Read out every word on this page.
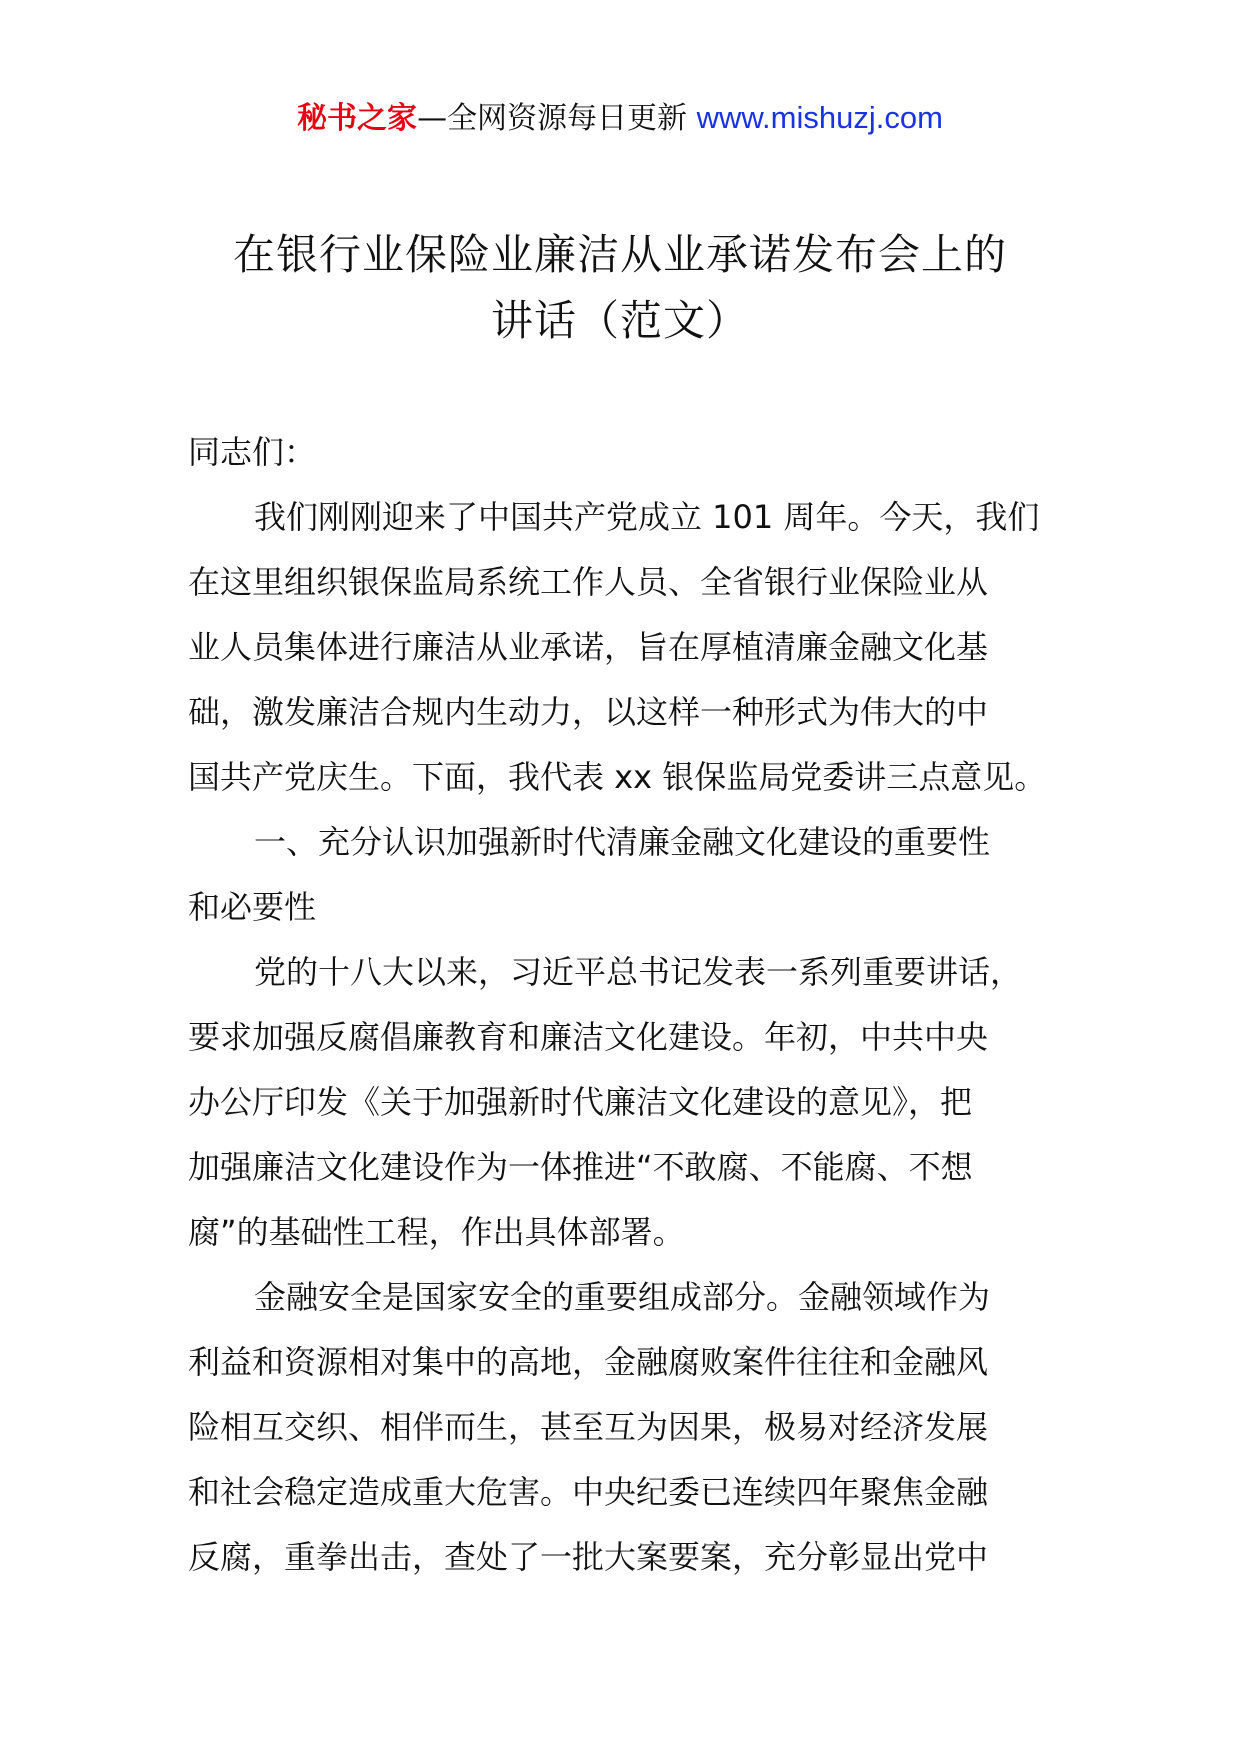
秘书之家—全网资源每日更新 www.mishuzj.com
在银行业保险业廉洁从业承诺发布会上的
讲话（范文）
同志们：
我们刚刚迎来了中国共产党成立 101 周年。今天，我们
在这里组织银保监局系统工作人员、全省银行业保险业从
业人员集体进行廉洁从业承诺，旨在厚植清廉金融文化基
础，激发廉洁合规内生动力，以这样一种形式为伟大的中
国共产党庆生。下面，我代表 xx 银保监局党委讲三点意见。
一、充分认识加强新时代清廉金融文化建设的重要性
和必要性
党的十八大以来，习近平总书记发表一系列重要讲话，
要求加强反腐倡廉教育和廉洁文化建设。年初，中共中央
办公厅印发《关于加强新时代廉洁文化建设的意见》，把
加强廉洁文化建设作为一体推进“不敢腐、不能腐、不想
腐”的基础性工程，作出具体部署。
金融安全是国家安全的重要组成部分。金融领域作为
利益和资源相对集中的高地，金融腐败案件往往和金融风
险相互交织、相伴而生，甚至互为因果，极易对经济发展
和社会稳定造成重大危害。中央纪委已连续四年聚焦金融
反腐，重拳出击，查处了一批大案要案，充分彰显出党中
